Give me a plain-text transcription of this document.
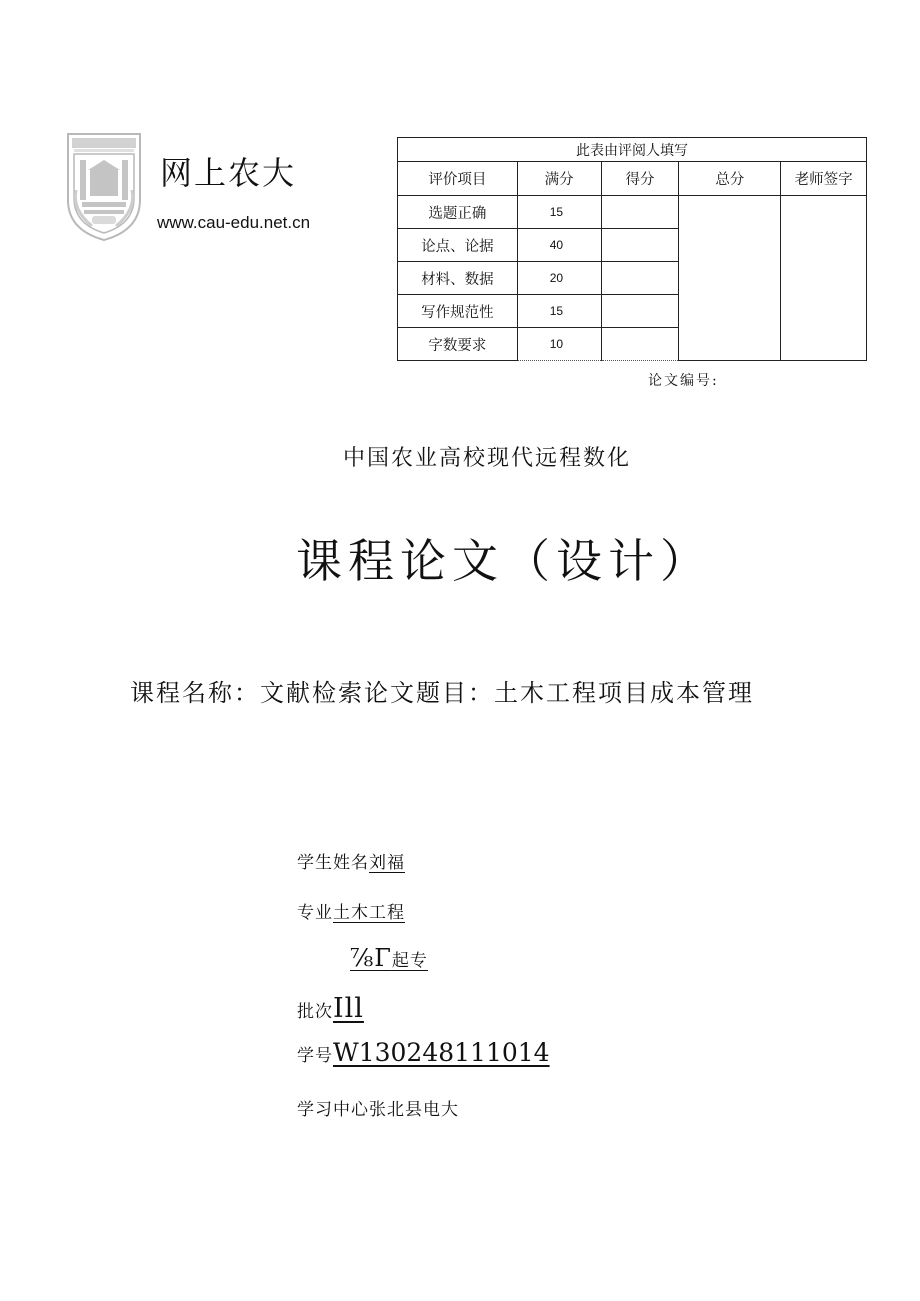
网上农大
www.cau-edu.net.cn
此表由评阅人填写				
评价项目	满分	得分	总分	老师签字
选题正确	15			
论点、论据	40			
材料、数据	20			
写作规范性	15			
字数要求	10			
论文编号:
中国农业高校现代远程数化
课程论文（设计）
课程名称：文献检索论文题目：土木工程项目成本管理
学生姓名刘福
专业土木工程
⅞Γ起专
批次Ill
学号W130248111014
学习中心张北县电大
